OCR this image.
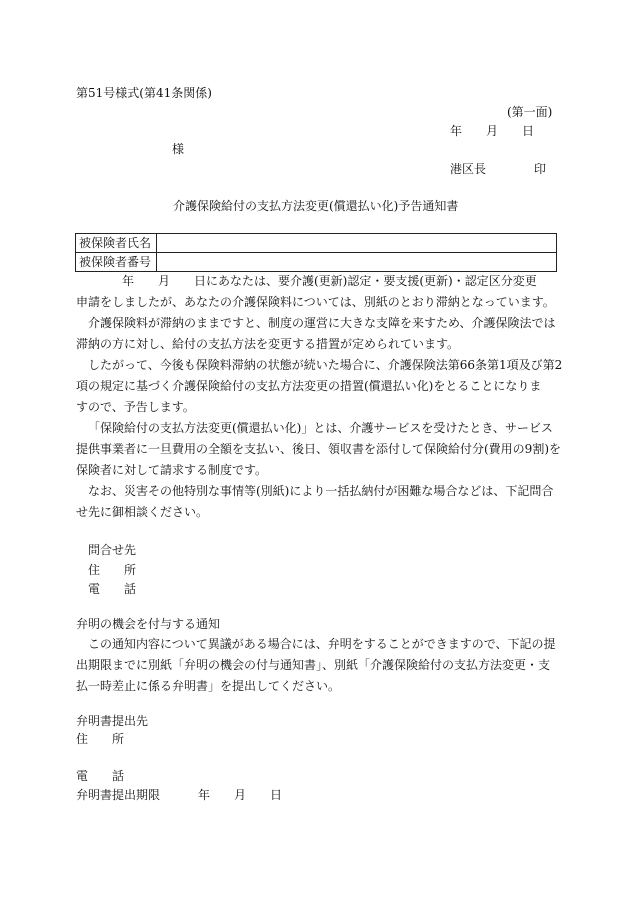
第51号様式(第41条関係)
(第一面)
年 月 日
様
港区長	印
介護保険給付の支払方法変更(償還払い化)予告通知書
被保険者氏名	
被保険者番号	
年　　月　　日にあなたは、要介護(更新)認定・要支援(更新)・認定区分変更
申請をしましたが、あなたの介護保険料については、別紙のとおり滞納となっています。
介護保険料が滞納のままですと、制度の運営に大きな支障を来すため、介護保険法では
滞納の方に対し、給付の支払方法を変更する措置が定められています。
したがって、今後も保険料滞納の状態が続いた場合に、介護保険法第66条第1項及び第2
項の規定に基づく介護保険給付の支払方法変更の措置(償還払い化)をとることになりま
すので、予告します。
「保険給付の支払方法変更(償還払い化)」とは、介護サービスを受けたとき、サービス
提供事業者に一旦費用の全額を支払い、後日、領収書を添付して保険給付分(費用の9割)を
保険者に対して請求する制度です。
なお、災害その他特別な事情等(別紙)により一括払納付が困難な場合などは、下記問合
せ先に御相談ください。
問合せ先
住　　所
電　　話
弁明の機会を付与する通知
この通知内容について異議がある場合には、弁明をすることができますので、下記の提
出期限までに別紙「弁明の機会の付与通知書」、別紙「介護保険給付の支払方法変更・支
払一時差止に係る弁明書」を提出してください。
弁明書提出先
住　　所
電　　話
弁明書提出期限	年 月 日
